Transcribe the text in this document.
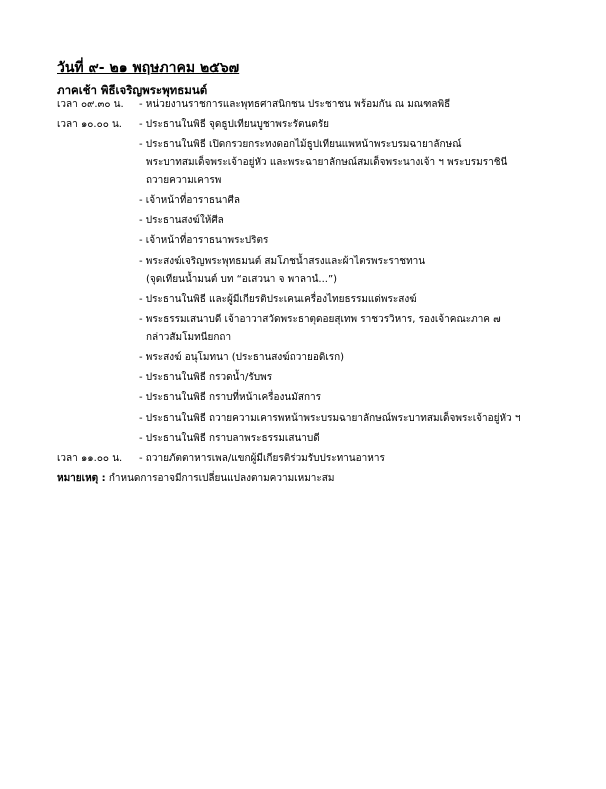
วันที่ ๙- ๒๑ พฤษภาคม ๒๕๖๗
ภาคเช้า พิธีเจริญพระพุทธมนต์
เวลา ๐๙.๓๐ น.
เวลา ๑๐.๐๐ น.
เวลา ๑๑.๐๐ น.
- หน่วยงานราชการและพุทธศาสนิกชน ประชาชน พร้อมกัน ณ มณฑลพิธี
- ประธานในพิธี จุดธูปเทียนบูชาพระรัตนตรัย
- ประธานในพิธี เปิดกรวยกระทงดอกไม้ธูปเทียนแพหน้าพระบรมฉายาลักษณ์
พระบาทสมเด็จพระเจ้าอยู่หัว และพระฉายาลักษณ์สมเด็จพระนางเจ้า ฯ พระบรมราชินี
ถวายความเคารพ
- เจ้าหน้าที่อาราธนาศีล
- ประธานสงฆ์ให้ศีล
- เจ้าหน้าที่อาราธนาพระปริตร
- พระสงฆ์เจริญพระพุทธมนต์ สมโภชน้ำสรงและผ้าไตรพระราชทาน
(จุดเทียนน้ำมนต์ บท “อเสวนา จ พาลานํ...”)
- ประธานในพิธี และผู้มีเกียรติประเคนเครื่องไทยธรรมแด่พระสงฆ์
- พระธรรมเสนาบดี เจ้าอาวาสวัดพระธาตุดอยสุเทพ ราชวรวิหาร, รองเจ้าคณะภาค ๗
กล่าวสัมโมทนียกถา
- พระสงฆ์ อนุโมทนา (ประธานสงฆ์ถวายอดิเรก)
- ประธานในพิธี กรวดน้ำ/รับพร
- ประธานในพิธี กราบที่หน้าเครื่องนมัสการ
- ประธานในพิธี ถวายความเคารพหน้าพระบรมฉายาลักษณ์พระบาทสมเด็จพระเจ้าอยู่หัว ฯ
- ประธานในพิธี กราบลาพระธรรมเสนาบดี
- ถวายภัตตาหารเพล/แขกผู้มีเกียรติร่วมรับประทานอาหาร
หมายเหตุ : กำหนดการอาจมีการเปลี่ยนแปลงตามความเหมาะสม
